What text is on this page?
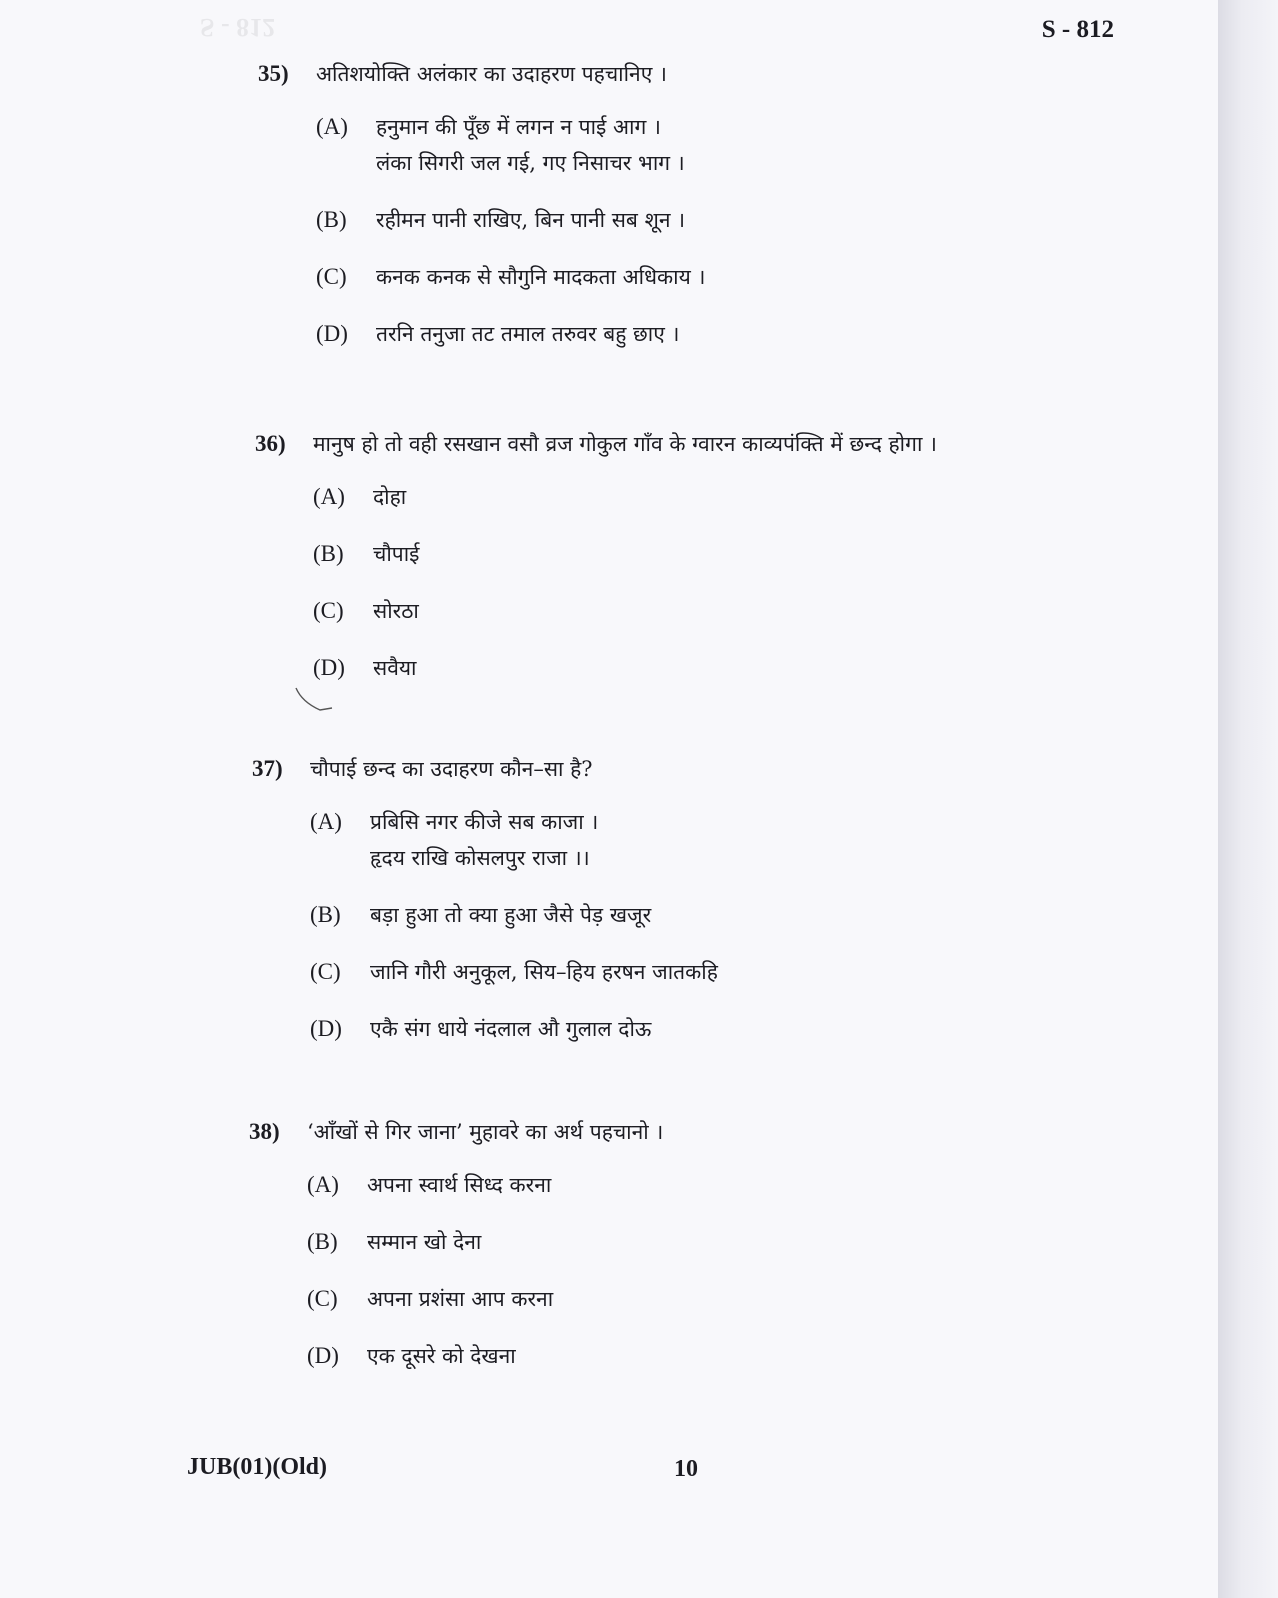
S - 812	S - 812
35)	अतिशयोक्ति अलंकार का उदाहरण पहचानिए ।
(A)	हनुमान की पूँछ में लगन न पाई आग ।
लंका सिगरी जल गई, गए निसाचर भाग ।
(B)	रहीमन पानी राखिए, बिन पानी सब शून ।
(C)	कनक कनक से सौगुनि मादकता अधिकाय ।
(D)	तरनि तनुजा तट तमाल तरुवर बहु छाए ।
36)	मानुष हो तो वही रसखान वसौ व्रज गोकुल गाँव के ग्वारन काव्यपंक्ति में छन्द होगा ।
(A)	दोहा
(B)	चौपाई
(C)	सोरठा
(D)	सवैया
37)	चौपाई छन्द का उदाहरण कौन–सा है?
(A)	प्रबिसि नगर कीजे सब काजा ।
हृदय राखि कोसलपुर राजा ।।
(B)	बड़ा हुआ तो क्या हुआ जैसे पेड़ खजूर
(C)	जानि गौरी अनुकूल, सिय–हिय हरषन जातकहि
(D)	एकै संग धाये नंदलाल औ गुलाल दोऊ
38)	‘आँखों से गिर जाना’ मुहावरे का अर्थ पहचानो ।
(A)	अपना स्वार्थ सिध्द करना
(B)	सम्मान खो देना
(C)	अपना प्रशंसा आप करना
(D)	एक दूसरे को देखना
JUB(01)(Old)	10
